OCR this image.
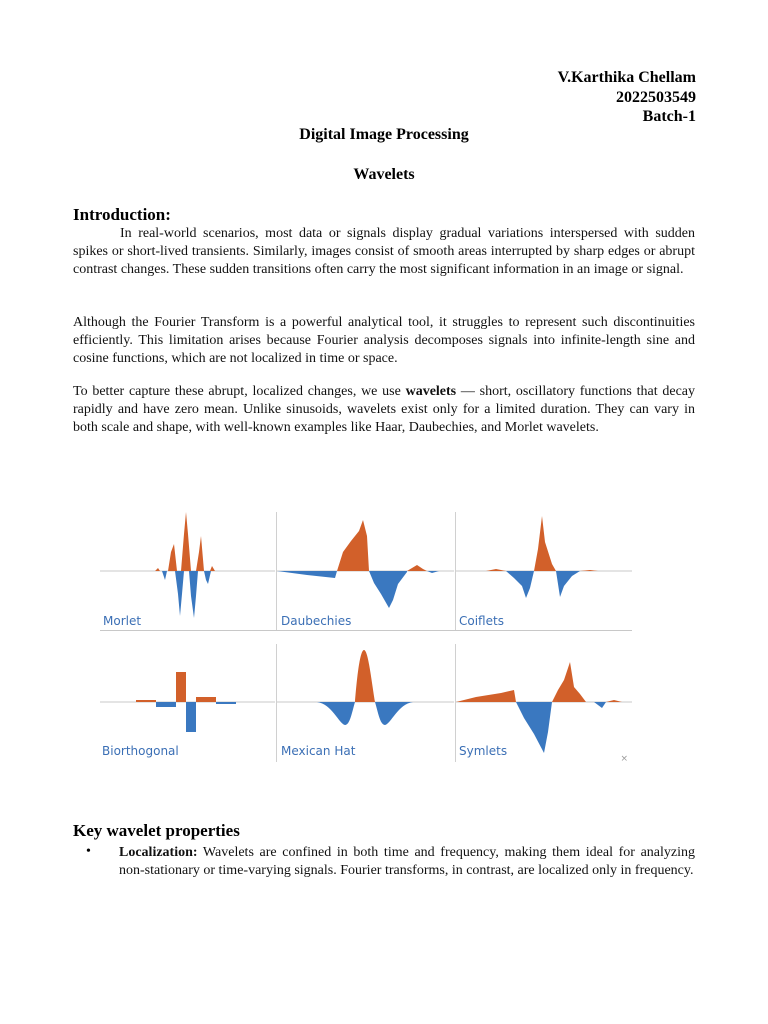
V.Karthika Chellam
2022503549
Batch-1
Digital Image Processing
Wavelets
Introduction:

In real-world scenarios, most data or signals display gradual variations interspersed with sudden spikes or short-lived transients. Similarly, images consist of smooth areas interrupted by sharp edges or abrupt contrast changes. These sudden transitions often carry the most significant information in an image or signal.

Although the Fourier Transform is a powerful analytical tool, it struggles to represent such discontinuities efficiently. This limitation arises because Fourier analysis decomposes signals into infinite-length sine and cosine functions, which are not localized in time or space.

To better capture these abrupt, localized changes, we use wavelets — short, oscillatory functions that decay rapidly and have zero mean. Unlike sinusoids, wavelets exist only for a limited duration. They can vary in both scale and shape, with well-known examples like Haar, Daubechies, and Morlet wavelets.

Morlet	Daubechies	Coiflets
Biorthogonal	Mexican Hat	Symlets
×
Key wavelet properties
• Localization: Wavelets are confined in both time and frequency, making them ideal for analyzing non-stationary or time-varying signals. Fourier transforms, in contrast, are localized only in frequency.
